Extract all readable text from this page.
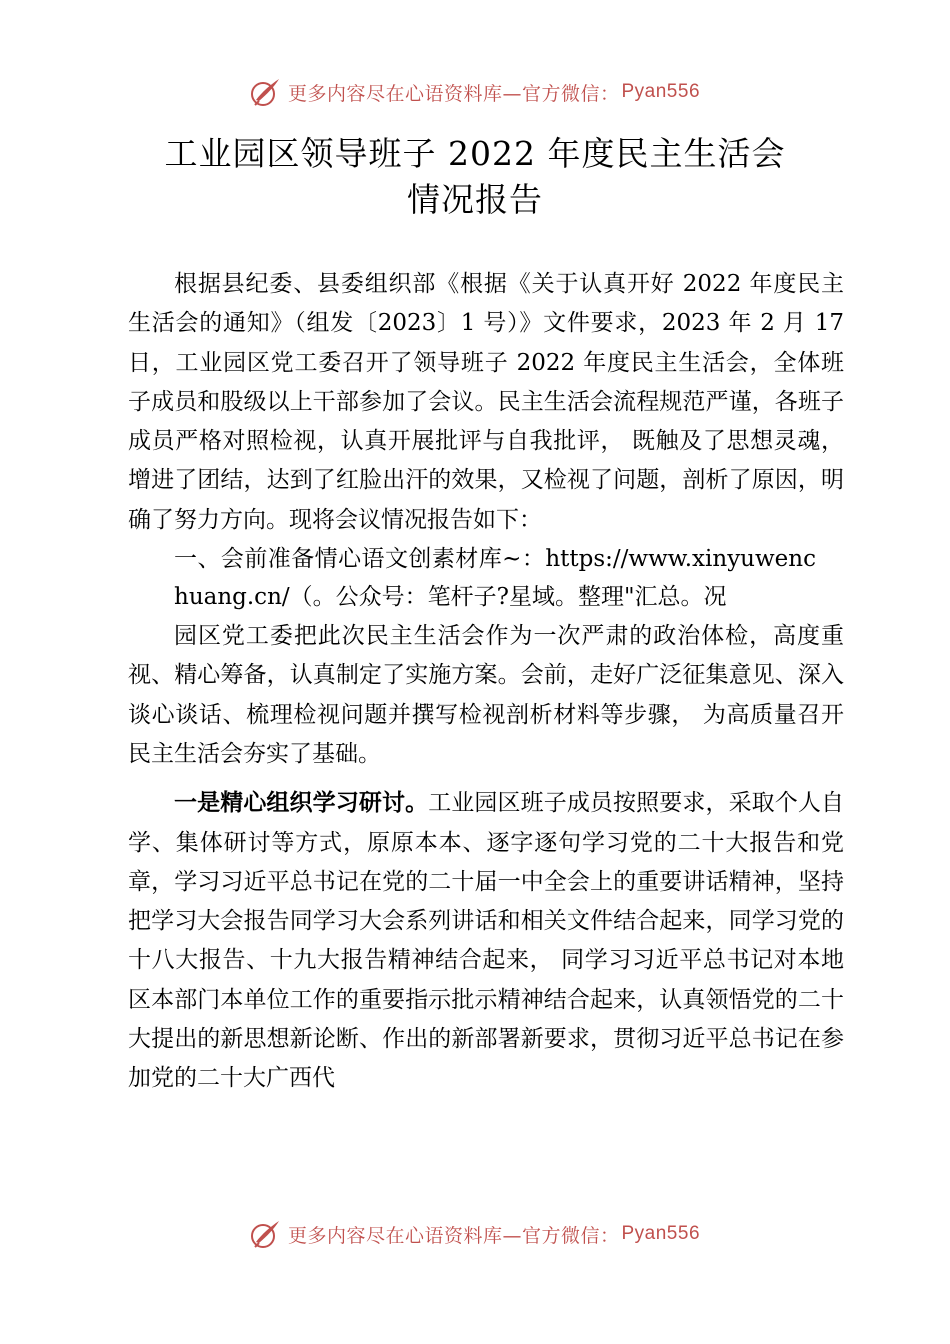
更多内容尽在心语资料库—官方微信： Pyan556
工业园区领导班子 2022 年度民主生活会
情况报告

根据县纪委、县委组织部《根据《关于认真开好 2022 年度民主生活会的通知》（组发〔2023〕1 号）》文件要求，2023 年 2 月 17 日，工业园区党工委召开了领导班子 2022 年度民主生活会，全体班子成员和股级以上干部参加了会议。民主生活会流程规范严谨，各班子成员严格对照检视，认真开展批评与自我批评， 既触及了思想灵魂，增进了团结，达到了红脸出汗的效果，又检视了问题，剖析了原因，明确了努力方向。现将会议情况报告如下：

一、会前准备情心语文创素材库~：https://www.xinyuwenchuang.cn/（。公众号：笔杆子?星域。整理"汇总。况

园区党工委把此次民主生活会作为一次严肃的政治体检，高度重视、精心筹备，认真制定了实施方案。会前，走好广泛征集意见、深入谈心谈话、梳理检视问题并撰写检视剖析材料等步骤， 为高质量召开民主生活会夯实了基础。

一是精心组织学习研讨。工业园区班子成员按照要求，采取个人自学、集体研讨等方式，原原本本、逐字逐句学习党的二十大报告和党章，学习习近平总书记在党的二十届一中全会上的重要讲话精神，坚持把学习大会报告同学习大会系列讲话和相关文件结合起来，同学习党的十八大报告、十九大报告精神结合起来， 同学习习近平总书记对本地区本部门本单位工作的重要指示批示精神结合起来，认真领悟党的二十大提出的新思想新论断、作出的新部署新要求，贯彻习近平总书记在参加党的二十大广西代

更多内容尽在心语资料库—官方微信： Pyan556
